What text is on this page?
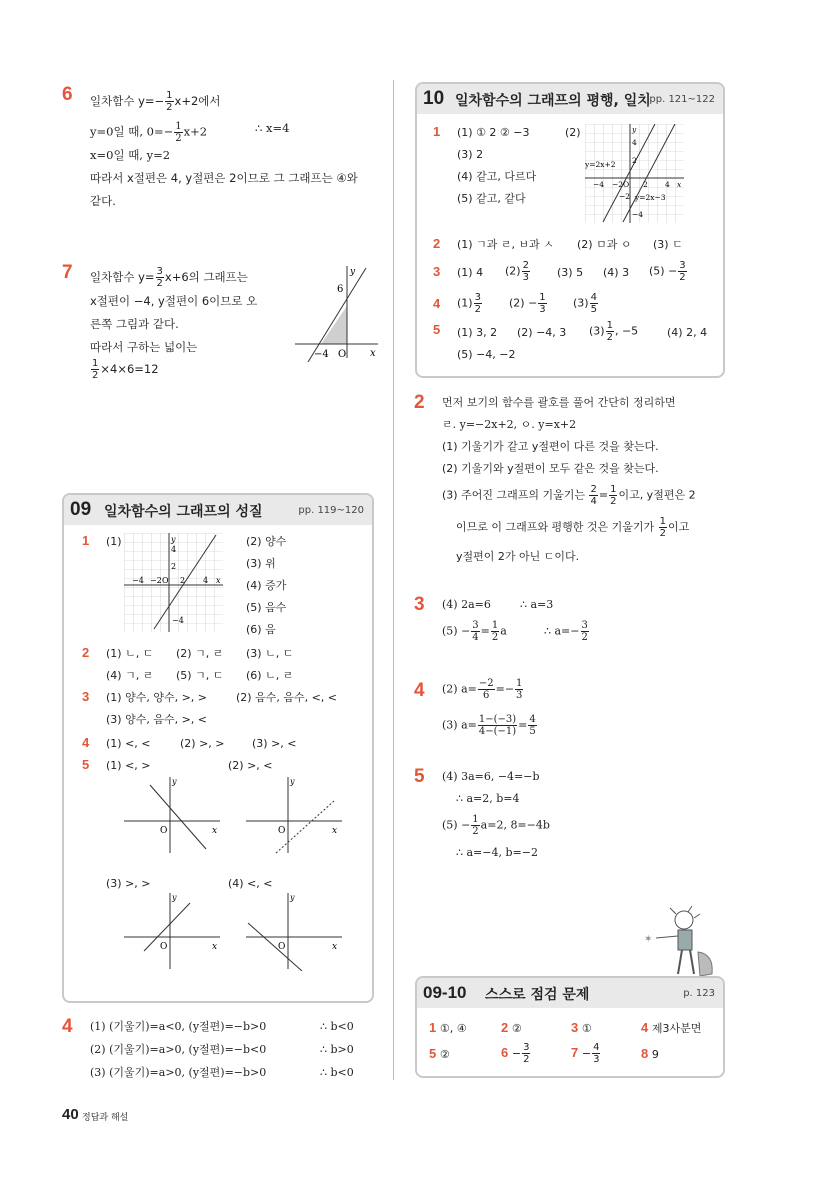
6 일차함수 $y=- \frac{1}{2} x+2$에서
y=0일 때, $0=- \frac{1}{2} x+2$	∴ x=4
x=0일 때, y=2
따라서 x절편은 4, y절편은 2이므로 그 그래프는 ④와
같다.
7 일차함수 $y= \frac{3}{2} x+6$의 그래프는
x절편이 −4, y절편이 6이므로 오
른쪽 그림과 같다.
따라서 구하는 넓이는
$\frac{1}{2} \times 4\times 6=12$
6
−4 O x
y
09 일차함수의 그래프의 성질	pp. 119~120
1 (1)
−4 −2 O 2 4 x
y
4
2
−4
(2) 양수
(3) 위
(4) 증가
(5) 음수
(6) 음
2 (1) ㄴ, ㄷ (2) ㄱ, ㄹ (3) ㄴ, ㄷ
(4) ㄱ, ㄹ (5) ㄱ, ㄷ (6) ㄴ, ㄹ
3 (1) 양수, 양수, >, >	(2) 음수, 음수, <, <
(3) 양수, 음수, >, <
4 (1) <, <	(2) >, > (3) >, <
5 (1) <, >	(2) >, <
y
O	x
y
O	x
(3) >, >	(4) <, <
y
O	x
y
O	x
4 (1) (기울기)=a<0, (y절편)=−b>0	∴ b<0
(2) (기울기)=a>0, (y절편)=−b<0	∴ b>0
(3) (기울기)=a>0, (y절편)=−b>0	∴ b<0
40 정답과 해설
10 일차함수의 그래프의 평행, 일치
pp. 121~122
1 (1) ① 2 ② −3
(3) 2
(4) 같고, 다르다
(5) 같고, 같다
(2)
y=2x+2
y=2x−3
−4 −2 O 2 4 x
y
4
2
−2
−4
2 (1) ㄱ과 ㄹ, ㅂ과 ㅅ (2) ㅁ과 ㅇ (3) ㄷ
3 (1) 4 $(2) \frac{2}{3} (3)$ 5 (4) 3 $(5) - \frac{3}{2}$
4 $(1) \frac{3}{2} (2) - \frac{1}{3} (3) \frac{4}{5}$
5 (1) 3, 2 (2) −4, 3 $(3) \frac{1}{2}$ , −5	(4) 2, 4
(5) −4, −2
2 먼저 보기의 함수를 괄호를 풀어 간단히 정리하면
ㄹ. y=−2x+2, ㅇ. y=x+2
(1) 기울기가 같고 y절편이 다른 것을 찾는다.
(2) 기울기와 y절편이 모두 같은 것을 찾는다.
(3) 주어진 그래프의 기울기는 $\frac{2}{4} = \frac{1}{2}$ 이고, y절편은 2
이므로 이 그래프와 평행한 것은 기울기가 $\frac{1}{2}$ 이고
y절편이 2가 아닌 ㄷ이다.
3 (4) 2a=6	∴ a=3
$(5) - \frac{3}{4} = \frac{1}{2}$ a	∴ $a=- \frac{3}{2}$
4 (2) $a= \frac{-2}{6} =- \frac{1}{3}$
(3) $a= \frac{1-(-3)}{4-(-1)} = \frac{4}{5}$
5 (4) 3a=6, −4=−b
∴ a=2, b=4
$(5) - \frac{1}{2} a=2$, 8=−4b
∴ a=−4, b=−2
✶
09-10 스스로 점검 문제	p. 123
1 ①, ④	2 ②	3 ①	4 제3사분면
5 ②	$6 - \frac{3}{2}$	$7 - \frac{4}{3}$	8 9
